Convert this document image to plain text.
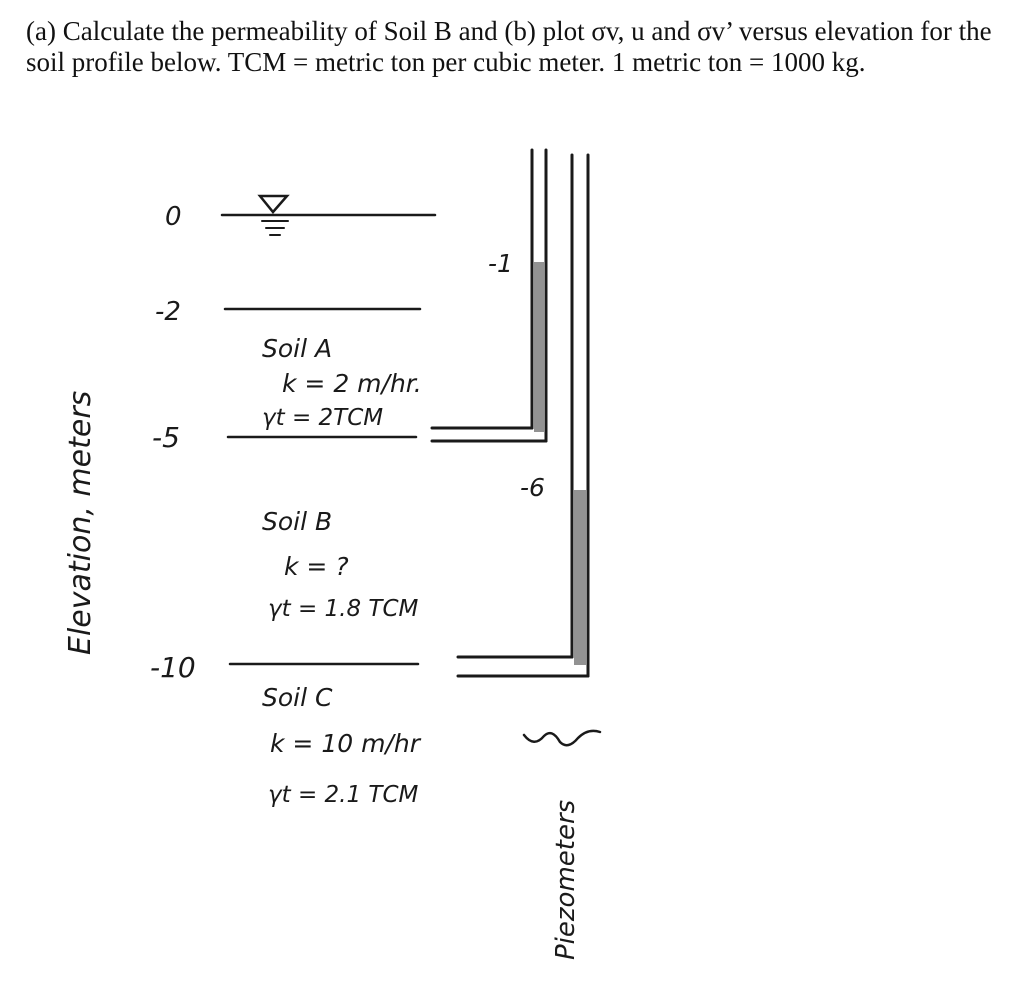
(a) Calculate the permeability of Soil B and (b) plot σv, u and σv’ versus elevation for the soil profile below. TCM = metric ton per cubic meter. 1 metric ton = 1000 kg.
Elevation, meters
0
-2
-5
-10
Soil A
k = 2 m/hr.
γt = 2TCM
Soil B
k = ?
γt = 1.8 TCM
Soil C
k = 10 m/hr
γt = 2.1 TCM
-1
-6
Piezometers
